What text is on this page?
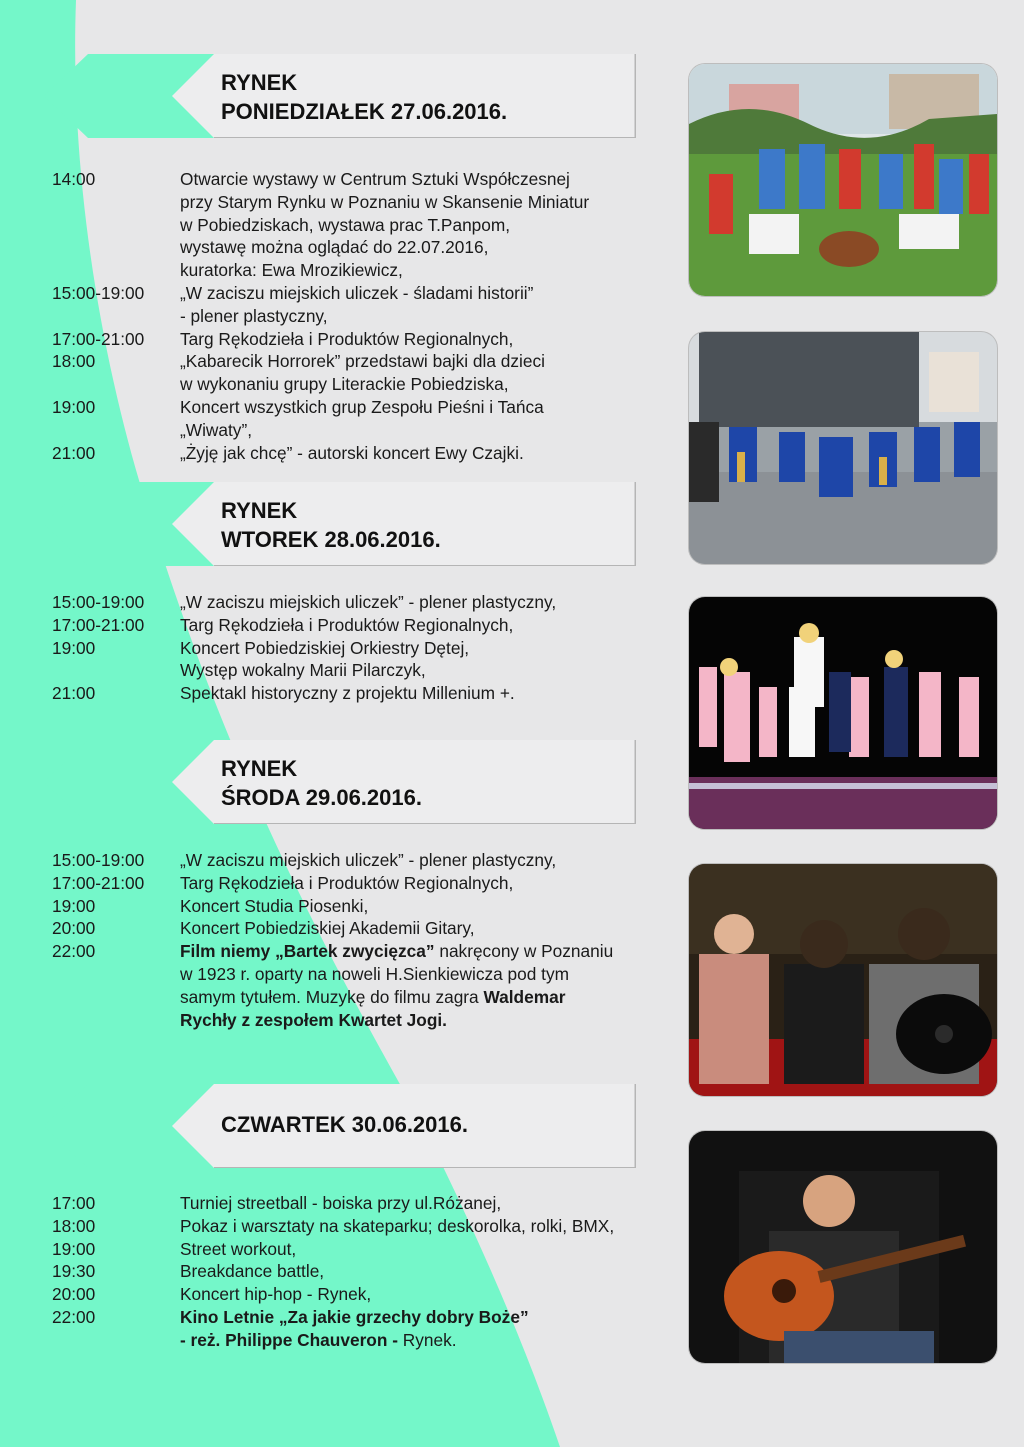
RYNEK
PONIEDZIAŁEK 27.06.2016.
14:00	Otwarcie wystawy w Centrum Sztuki Współczesnej
przy Starym Rynku w Poznaniu w Skansenie Miniatur
w Pobiedziskach, wystawa prac T.Panpom,
wystawę można oglądać do 22.07.2016,
kuratorka: Ewa Mrozikiewicz,
15:00-19:00	„W zaciszu miejskich uliczek - śladami historii”
- plener plastyczny,
17:00-21:00	Targ Rękodzieła i Produktów Regionalnych,
18:00	„Kabarecik Horrorek” przedstawi bajki dla dzieci
w wykonaniu grupy Literackie Pobiedziska,
19:00	Koncert wszystkich grup Zespołu Pieśni i Tańca
„Wiwaty”,
21:00	„Żyję jak chcę” - autorski koncert Ewy Czajki.
RYNEK
WTOREK 28.06.2016.
15:00-19:00	„W zaciszu miejskich uliczek” - plener plastyczny,
17:00-21:00	Targ Rękodzieła i Produktów Regionalnych,
19:00	Koncert Pobiedziskiej Orkiestry Dętej,
Występ wokalny Marii Pilarczyk,
21:00	Spektakl historyczny z projektu Millenium +.
RYNEK
ŚRODA 29.06.2016.
15:00-19:00	„W zaciszu miejskich uliczek” - plener plastyczny,
17:00-21:00	Targ Rękodzieła i Produktów Regionalnych,
19:00	Koncert Studia Piosenki,
20:00	Koncert Pobiedziskiej Akademii Gitary,
22:00	Film niemy „Bartek zwycięzca” nakręcony w Poznaniu
w 1923 r. oparty na noweli H.Sienkiewicza pod tym
samym tytułem. Muzykę do filmu zagra Waldemar
Rychły z zespołem Kwartet Jogi.
CZWARTEK 30.06.2016.
17:00	Turniej streetball - boiska przy ul.Różanej,
18:00	Pokaz i warsztaty na skateparku; deskorolka, rolki, BMX,
19:00	Street workout,
19:30	Breakdance battle,
20:00	Koncert hip-hop - Rynek,
22:00	Kino Letnie „Za jakie grzechy dobry Boże”
- reż. Philippe Chauveron - Rynek.
